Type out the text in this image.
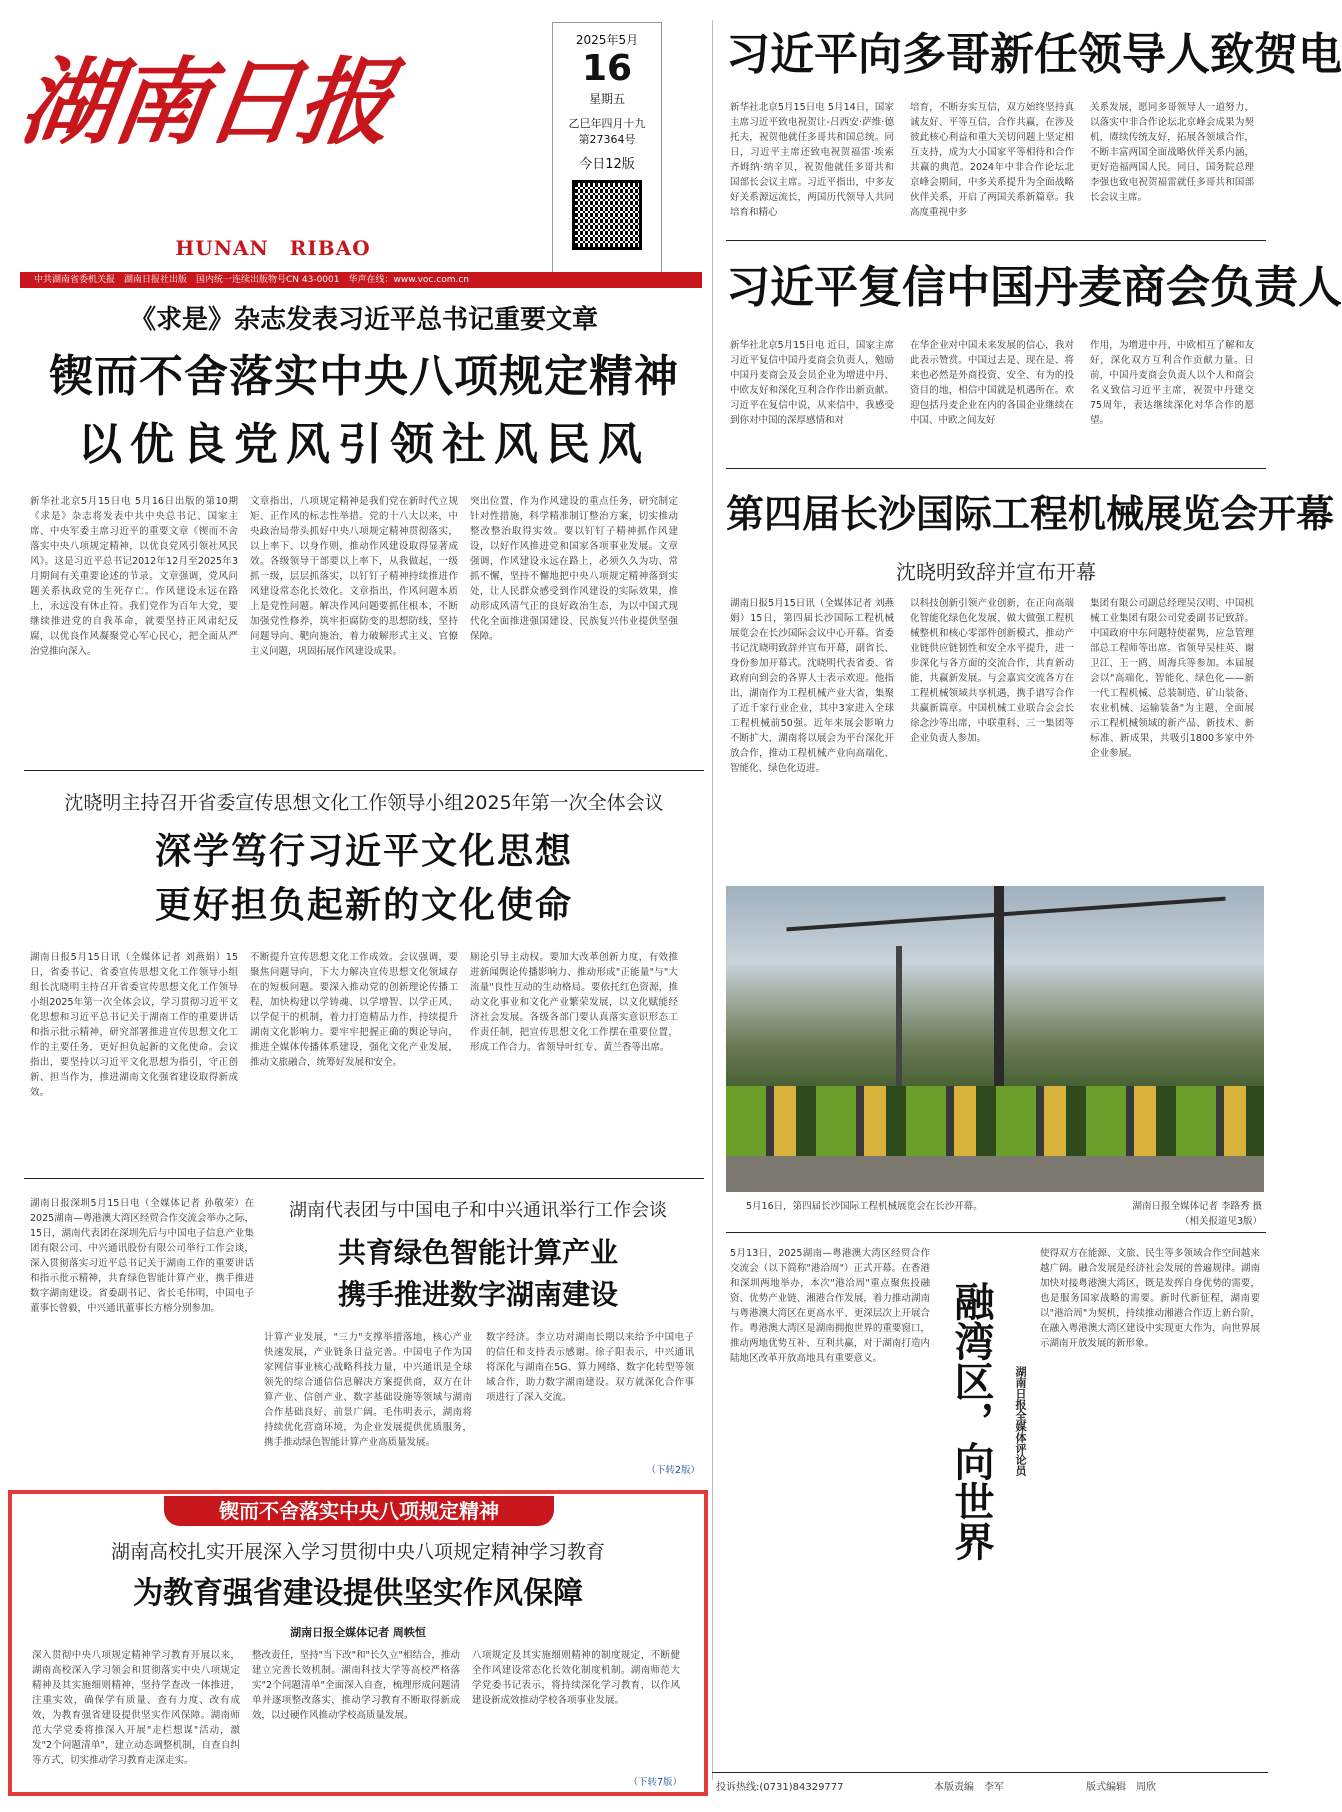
湖南日报
HUNAN　RIBAO
2025年5月
16
星期五
乙巳年四月十九
第27364号
今日12版
中共湖南省委机关报　湖南日报社出版　国内统一连续出版物号CN 43-0001　华声在线：www.voc.com.cn
习近平向多哥新任领导人致贺电
新华社北京5月15日电 5月14日，国家主席习近平致电祝贺让-吕西安·萨维·德托夫，祝贺他就任多哥共和国总统。同日，习近平主席还致电祝贺福雷·埃索齐姆纳·纳辛贝，祝贺他就任多哥共和国部长会议主席。习近平指出，中多友好关系源远流长，两国历代领导人共同培育和精心
培育，不断夯实互信，双方始终坚持真诚友好、平等互信，合作共赢，在涉及彼此核心利益和重大关切问题上坚定相互支持，成为大小国家平等相待和合作共赢的典范。2024年中非合作论坛北京峰会期间，中多关系提升为全面战略伙伴关系，开启了两国关系新篇章。我高度重视中多
关系发展，愿同多哥领导人一道努力，以落实中非合作论坛北京峰会成果为契机，赓续传统友好，拓展各领域合作，不断丰富两国全面战略伙伴关系内涵，更好造福两国人民。同日，国务院总理李强也致电祝贺福雷就任多哥共和国部长会议主席。
习近平复信中国丹麦商会负责人
新华社北京5月15日电 近日，国家主席习近平复信中国丹麦商会负责人，勉励中国丹麦商会及会员企业为增进中丹、中欧友好和深化互利合作作出新贡献。习近平在复信中说，从来信中，我感受到你对中国的深厚感情和对
在华企业对中国未来发展的信心，我对此表示赞赏。中国过去是、现在是、将来也必然是外商投资、安全、有为的投资目的地，相信中国就是机遇所在。欢迎包括丹麦企业在内的各国企业继续在中国、中欧之间友好
作用，为增进中丹、中欧相互了解和友好，深化双方互利合作贡献力量。日前，中国丹麦商会负责人以个人和商会名义致信习近平主席，祝贺中丹建交75周年，表达继续深化对华合作的愿望。
第四届长沙国际工程机械展览会开幕
沈晓明致辞并宣布开幕
湖南日报5月15日讯（全媒体记者 刘燕娟）15日，第四届长沙国际工程机械展览会在长沙国际会议中心开幕。省委书记沈晓明致辞并宣布开幕，副省长、身份参加开幕式。沈晓明代表省委、省政府向到会的各界人士表示欢迎。他指出，湖南作为工程机械产业大省，集聚了近千家行业企业，其中3家进入全球工程机械前50强。近年来展会影响力不断扩大，湖南将以展会为平台深化开放合作，推动工程机械产业向高端化、智能化、绿色化迈进。
以科技创新引领产业创新，在正向高端化智能化绿色化发展、做大做强工程机械整机和核心零部件创新模式，推动产业链供应链韧性和安全水平提升，进一步深化与各方面的交流合作，共育新动能，共赢新发展。与会嘉宾交流各方在工程机械领域共享机遇，携手谱写合作共赢新篇章。中国机械工业联合会会长徐念沙等出席，中联重科、三一集团等企业负责人参加。
集团有限公司副总经理吴汉明、中国机械工业集团有限公司党委副书记致辞。中国政府中东问题特使翟隽，应急管理部总工程师等出席。省领导吴桂英、谢卫江、王一鸥、周海兵等参加。本届展会以"高端化、智能化、绿色化——新一代工程机械、总装制造、矿山装备、农业机械、运输装备"为主题，全面展示工程机械领域的新产品、新技术、新标准、新成果，共吸引1800多家中外企业参展。
5月16日，第四届长沙国际工程机械展览会在长沙开幕。	湖南日报全媒体记者 李路秀 摄
（相关报道见3版）
《求是》杂志发表习近平总书记重要文章
锲而不舍落实中央八项规定精神
以优良党风引领社风民风
新华社北京5月15日电 5月16日出版的第10期《求是》杂志将发表中共中央总书记、国家主席、中央军委主席习近平的重要文章《锲而不舍落实中央八项规定精神，以优良党风引领社风民风》。这是习近平总书记2012年12月至2025年3月期间有关重要论述的节录。文章强调，党风问题关系执政党的生死存亡。作风建设永远在路上，永远没有休止符。我们党作为百年大党，要继续推进党的自我革命，就要坚持正风肃纪反腐，以优良作风凝聚党心军心民心，把全面从严治党推向深入。
文章指出，八项规定精神是我们党在新时代立规矩、正作风的标志性举措。党的十八大以来，中央政治局带头抓好中央八项规定精神贯彻落实，以上率下、以身作则，推动作风建设取得显著成效。各级领导干部要以上率下，从我做起，一级抓一级，层层抓落实，以钉钉子精神持续推进作风建设常态化长效化。文章指出，作风问题本质上是党性问题。解决作风问题要抓住根本，不断加强党性修养，筑牢拒腐防变的思想防线，坚持问题导向、靶向施治，着力破解形式主义、官僚主义问题，巩固拓展作风建设成果。
突出位置，作为作风建设的重点任务，研究制定针对性措施，科学精准制订整治方案，切实推动整改整治取得实效。要以钉钉子精神抓作风建设，以好作风推进党和国家各项事业发展。文章强调，作风建设永远在路上，必须久久为功、常抓不懈，坚持不懈地把中央八项规定精神落到实处，让人民群众感受到作风建设的实际效果，推动形成风清气正的良好政治生态，为以中国式现代化全面推进强国建设、民族复兴伟业提供坚强保障。
沈晓明主持召开省委宣传思想文化工作领导小组2025年第一次全体会议
深学笃行习近平文化思想
更好担负起新的文化使命
湖南日报5月15日讯（全媒体记者 刘燕娟）15日，省委书记、省委宣传思想文化工作领导小组组长沈晓明主持召开省委宣传思想文化工作领导小组2025年第一次全体会议，学习贯彻习近平文化思想和习近平总书记关于湖南工作的重要讲话和指示批示精神，研究部署推进宣传思想文化工作的主要任务，更好担负起新的文化使命。会议指出，要坚持以习近平文化思想为指引，守正创新、担当作为，推进湖南文化强省建设取得新成效。
不断提升宣传思想文化工作成效。会议强调，要聚焦问题导向，下大力解决宣传思想文化领域存在的短板问题。要深入推动党的创新理论传播工程，加快构建以学铸魂、以学增智、以学正风、以学促干的机制，着力打造精品力作，持续提升湖南文化影响力。要牢牢把握正确的舆论导向，推进全媒体传播体系建设，强化文化产业发展，推动文旅融合，统筹好发展和安全。
厕论引导主动权。要加大改革创新力度，有效推进新闻舆论传播影响力、推动形成"正能量"与"大流量"良性互动的生动格局。要依托红色资源，推动文化事业和文化产业繁荣发展，以文化赋能经济社会发展。各级各部门要认真落实意识形态工作责任制，把宣传思想文化工作摆在重要位置，形成工作合力。省领导叶红专、黄兰香等出席。
湖南日报深圳5月15日电（全媒体记者 孙敬荣）在2025湖南—粤港澳大湾区经贸合作交流会举办之际，15日，湖南代表团在深圳先后与中国电子信息产业集团有限公司、中兴通讯股份有限公司举行工作会谈，深入贯彻落实习近平总书记关于湖南工作的重要讲话和指示批示精神，共育绿色智能计算产业，携手推进数字湖南建设。省委副书记、省长毛伟明，中国电子董事长曾毅，中兴通讯董事长方榕分别参加。
湖南代表团与中国电子和中兴通讯举行工作会谈
共育绿色智能计算产业
携手推进数字湖南建设
计算产业发展，"三力"支撑举措落地，核心产业快速发展，产业链条日益完善。中国电子作为国家网信事业核心战略科技力量，中兴通讯是全球领先的综合通信信息解决方案提供商，双方在计算产业、信创产业、数字基础设施等领域与湖南合作基础良好，前景广阔。毛伟明表示，湖南将持续优化营商环境，为企业发展提供优质服务，携手推动绿色智能计算产业高质量发展。
数字经济。李立功对湖南长期以来给予中国电子的信任和支持表示感谢。徐子阳表示，中兴通讯将深化与湖南在5G、算力网络、数字化转型等领域合作，助力数字湖南建设。双方就深化合作事项进行了深入交流。
（下转2版）
锲而不舍落实中央八项规定精神
湖南高校扎实开展深入学习贯彻中央八项规定精神学习教育
为教育强省建设提供坚实作风保障
湖南日报全媒体记者 周帙恒
深入贯彻中央八项规定精神学习教育开展以来，湖南高校深入学习领会和贯彻落实中央八项规定精神及其实施细则精神，坚持学查改一体推进，注重实效，确保学有质量、查有力度、改有成效，为教育强省建设提供坚实作风保障。湖南师范大学党委将推深入开展"走栏想谋"活动，激发"2个问题清单"，建立动态调整机制，自查自纠等方式，切实推动学习教育走深走实。
整改责任，坚持"当下改"和"长久立"相结合，推动建立完善长效机制。湖南科技大学等高校严格落实"2个问题清单"全面深入自查，梳理形成问题清单并逐项整改落实，推动学习教育不断取得新成效，以过硬作风推动学校高质量发展。
八项规定及其实施细则精神的制度规定，不断健全作风建设常态化长效化制度机制。湖南师范大学党委书记表示，将持续深化学习教育，以作风建设新成效推动学校各项事业发展。
（下转7版）
5月13日，2025湖南—粤港澳大湾区经贸合作交流会（以下简称"港洽周"）正式开幕。在香港和深圳两地举办，本次"港洽周"重点聚焦投融资、优势产业链、湘港合作发展，着力推动湖南与粤港澳大湾区在更高水平、更深层次上开展合作。粤港澳大湾区是湖南拥抱世界的重要窗口，推动两地优势互补、互利共赢，对于湖南打造内陆地区改革开放高地具有重要意义。	融湾区，向世界	湖南日报全媒体评论员
使得双方在能源、文旅、民生等多领域合作空间越来越广阔。融合发展是经济社会发展的普遍规律。湖南加快对接粤港澳大湾区，既是发挥自身优势的需要，也是服务国家战略的需要。新时代新征程，湖南要以"港洽周"为契机，持续推动湘港合作迈上新台阶，在融入粤港澳大湾区建设中实现更大作为，向世界展示湖南开放发展的新形象。
投诉热线:(0731)84329777	本版责编　李军	版式编辑　周欣
